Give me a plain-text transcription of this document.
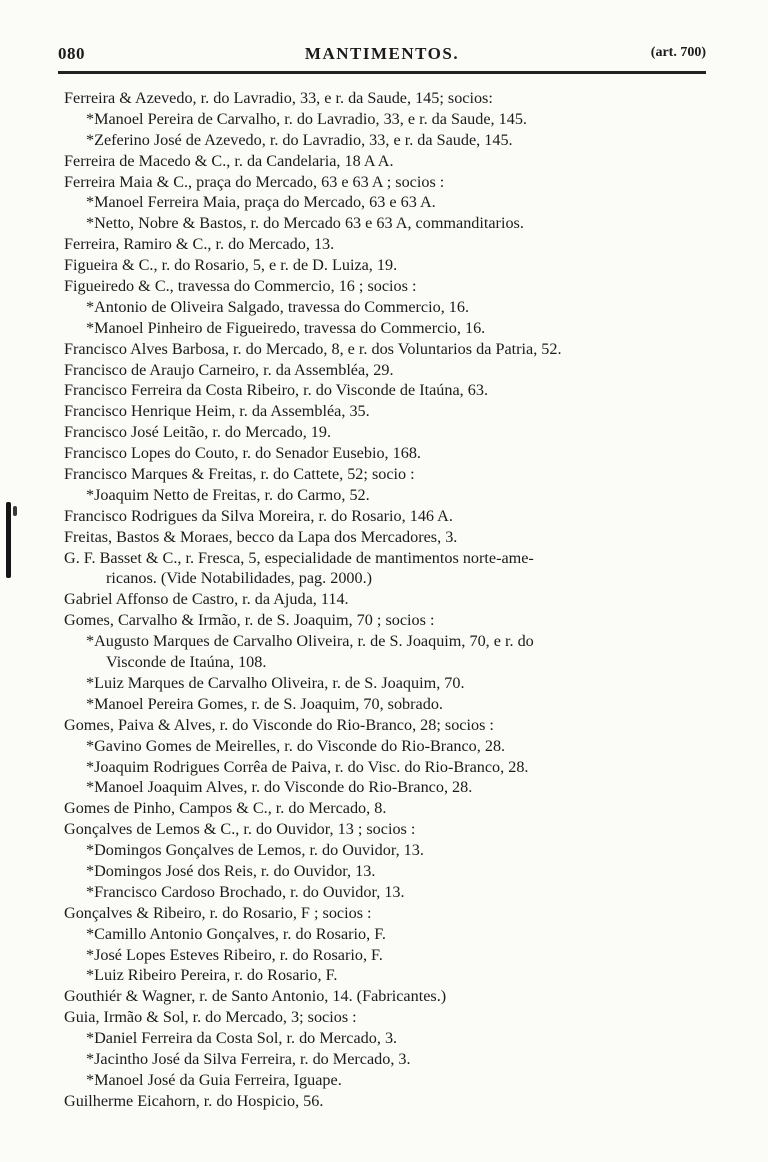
080	MANTIMENTOS.	(art. 700)
Ferreira & Azevedo, r. do Lavradio, 33, e r. da Saude, 145; socios:
*Manoel Pereira de Carvalho, r. do Lavradio, 33, e r. da Saude, 145.
*Zeferino José de Azevedo, r. do Lavradio, 33, e r. da Saude, 145.
Ferreira de Macedo & C., r. da Candelaria, 18 A A.
Ferreira Maia & C., praça do Mercado, 63 e 63 A ; socios :
*Manoel Ferreira Maia, praça do Mercado, 63 e 63 A.
*Netto, Nobre & Bastos, r. do Mercado 63 e 63 A, commanditarios.
Ferreira, Ramiro & C., r. do Mercado, 13.
Figueira & C., r. do Rosario, 5, e r. de D. Luiza, 19.
Figueiredo & C., travessa do Commercio, 16 ; socios :
*Antonio de Oliveira Salgado, travessa do Commercio, 16.
*Manoel Pinheiro de Figueiredo, travessa do Commercio, 16.
Francisco Alves Barbosa, r. do Mercado, 8, e r. dos Voluntarios da Patria, 52.
Francisco de Araujo Carneiro, r. da Assembléa, 29.
Francisco Ferreira da Costa Ribeiro, r. do Visconde de Itaúna, 63.
Francisco Henrique Heim, r. da Assembléa, 35.
Francisco José Leitão, r. do Mercado, 19.
Francisco Lopes do Couto, r. do Senador Eusebio, 168.
Francisco Marques & Freitas, r. do Cattete, 52; socio :
*Joaquim Netto de Freitas, r. do Carmo, 52.
Francisco Rodrigues da Silva Moreira, r. do Rosario, 146 A.
Freitas, Bastos & Moraes, becco da Lapa dos Mercadores, 3.
G. F. Basset & C., r. Fresca, 5, especialidade de mantimentos norte-ame-
ricanos. (Vide Notabilidades, pag. 2000.)
Gabriel Affonso de Castro, r. da Ajuda, 114.
Gomes, Carvalho & Irmão, r. de S. Joaquim, 70 ; socios :
*Augusto Marques de Carvalho Oliveira, r. de S. Joaquim, 70, e r. do
Visconde de Itaúna, 108.
*Luiz Marques de Carvalho Oliveira, r. de S. Joaquim, 70.
*Manoel Pereira Gomes, r. de S. Joaquim, 70, sobrado.
Gomes, Paiva & Alves, r. do Visconde do Rio-Branco, 28; socios :
*Gavino Gomes de Meirelles, r. do Visconde do Rio-Branco, 28.
*Joaquim Rodrigues Corrêa de Paiva, r. do Visc. do Rio-Branco, 28.
*Manoel Joaquim Alves, r. do Visconde do Rio-Branco, 28.
Gomes de Pinho, Campos & C., r. do Mercado, 8.
Gonçalves de Lemos & C., r. do Ouvidor, 13 ; socios :
*Domingos Gonçalves de Lemos, r. do Ouvidor, 13.
*Domingos José dos Reis, r. do Ouvidor, 13.
*Francisco Cardoso Brochado, r. do Ouvidor, 13.
Gonçalves & Ribeiro, r. do Rosario, F ; socios :
*Camillo Antonio Gonçalves, r. do Rosario, F.
*José Lopes Esteves Ribeiro, r. do Rosario, F.
*Luiz Ribeiro Pereira, r. do Rosario, F.
Gouthiér & Wagner, r. de Santo Antonio, 14. (Fabricantes.)
Guia, Irmão & Sol, r. do Mercado, 3; socios :
*Daniel Ferreira da Costa Sol, r. do Mercado, 3.
*Jacintho José da Silva Ferreira, r. do Mercado, 3.
*Manoel José da Guia Ferreira, Iguape.
Guilherme Eicahorn, r. do Hospicio, 56.
